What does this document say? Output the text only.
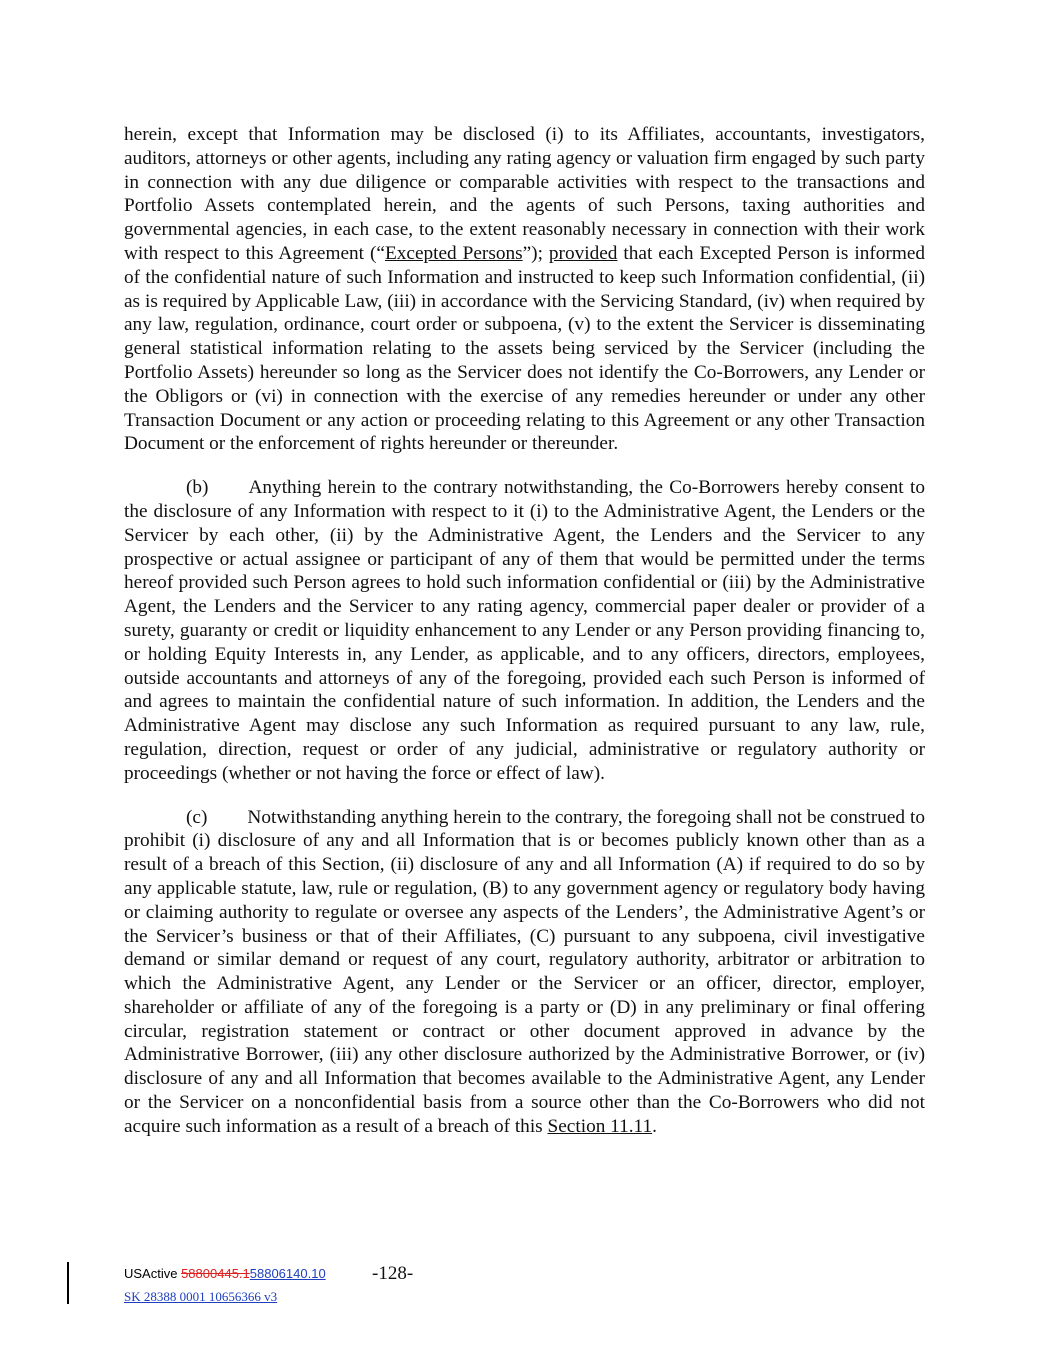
herein, except that Information may be disclosed (i) to its Affiliates, accountants, investigators, auditors, attorneys or other agents, including any rating agency or valuation firm engaged by such party in connection with any due diligence or comparable activities with respect to the transactions and Portfolio Assets contemplated herein, and the agents of such Persons, taxing authorities and governmental agencies, in each case, to the extent reasonably necessary in connection with their work with respect to this Agreement (“Excepted Persons”); provided that each Excepted Person is informed of the confidential nature of such Information and instructed to keep such Information confidential, (ii) as is required by Applicable Law, (iii) in accordance with the Servicing Standard, (iv) when required by any law, regulation, ordinance, court order or subpoena, (v) to the extent the Servicer is disseminating general statistical information relating to the assets being serviced by the Servicer (including the Portfolio Assets) hereunder so long as the Servicer does not identify the Co-Borrowers, any Lender or the Obligors or (vi) in connection with the exercise of any remedies hereunder or under any other Transaction Document or any action or proceeding relating to this Agreement or any other Transaction Document or the enforcement of rights hereunder or thereunder.

(b) Anything herein to the contrary notwithstanding, the Co-Borrowers hereby consent to the disclosure of any Information with respect to it (i) to the Administrative Agent, the Lenders or the Servicer by each other, (ii) by the Administrative Agent, the Lenders and the Servicer to any prospective or actual assignee or participant of any of them that would be permitted under the terms hereof provided such Person agrees to hold such information confidential or (iii) by the Administrative Agent, the Lenders and the Servicer to any rating agency, commercial paper dealer or provider of a surety, guaranty or credit or liquidity enhancement to any Lender or any Person providing financing to, or holding Equity Interests in, any Lender, as applicable, and to any officers, directors, employees, outside accountants and attorneys of any of the foregoing, provided each such Person is informed of and agrees to maintain the confidential nature of such information. In addition, the Lenders and the Administrative Agent may disclose any such Information as required pursuant to any law, rule, regulation, direction, request or order of any judicial, administrative or regulatory authority or proceedings (whether or not having the force or effect of law).

(c) Notwithstanding anything herein to the contrary, the foregoing shall not be construed to prohibit (i) disclosure of any and all Information that is or becomes publicly known other than as a result of a breach of this Section, (ii) disclosure of any and all Information (A) if required to do so by any applicable statute, law, rule or regulation, (B) to any government agency or regulatory body having or claiming authority to regulate or oversee any aspects of the Lenders’, the Administrative Agent’s or the Servicer’s business or that of their Affiliates, (C) pursuant to any subpoena, civil investigative demand or similar demand or request of any court, regulatory authority, arbitrator or arbitration to which the Administrative Agent, any Lender or the Servicer or an officer, director, employer, shareholder or affiliate of any of the foregoing is a party or (D) in any preliminary or final offering circular, registration statement or contract or other document approved in advance by the Administrative Borrower, (iii) any other disclosure authorized by the Administrative Borrower, or (iv) disclosure of any and all Information that becomes available to the Administrative Agent, any Lender or the Servicer on a nonconfidential basis from a source other than the Co-Borrowers who did not acquire such information as a result of a breach of this Section 11.11.

USActive 58800445.158806140.10 -128-
SK 28388 0001 10656366 v3
